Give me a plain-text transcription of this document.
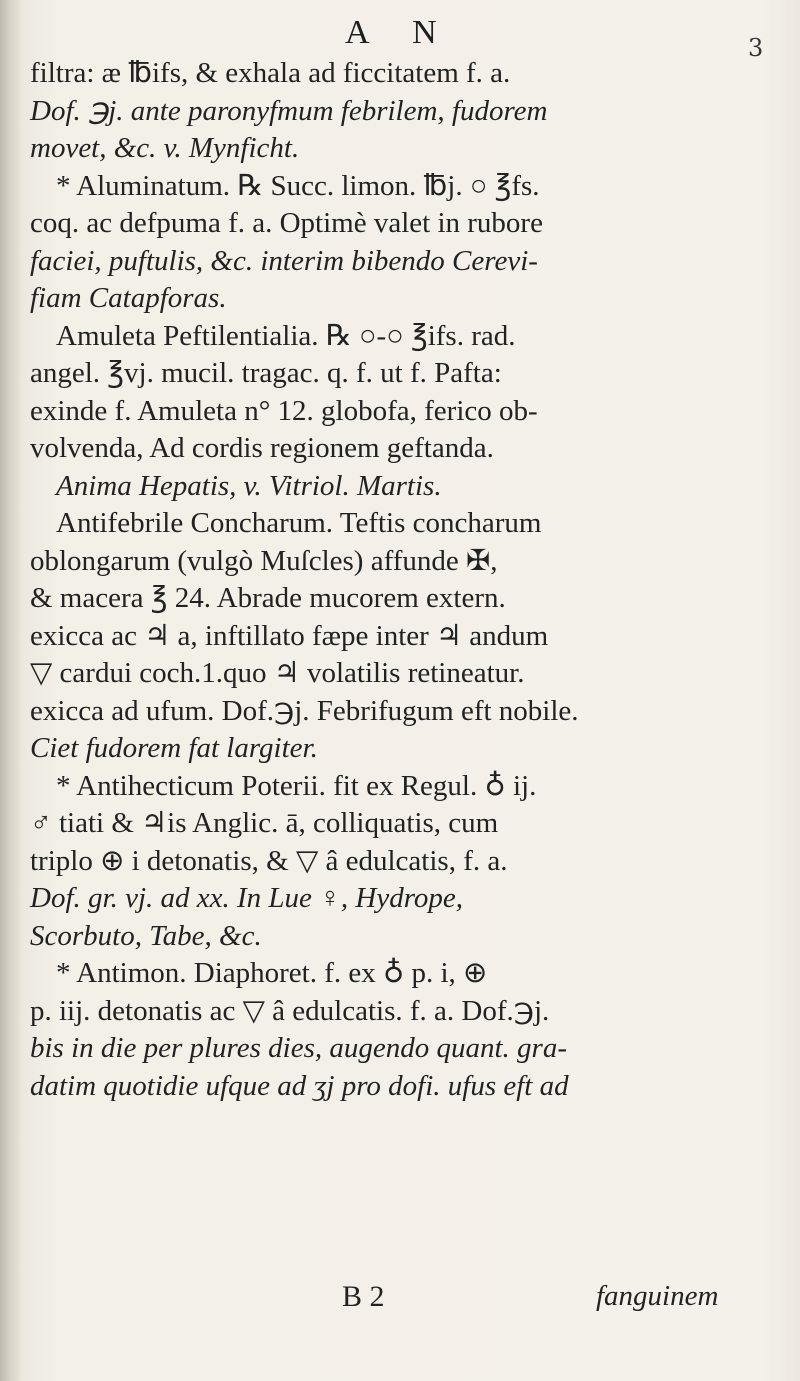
A N	3
filtra: æ ℔ifs, & exhala ad ficcitatem f. a.
Dof. ℈j. ante paronyfmum febrilem, fudorem
movet, &c. v. Mynficht.
* Aluminatum. ℞ Succ. limon. ℔j. ○ ℥fs.
coq. ac defpuma f. a. Optimè valet in rubore
faciei, puftulis, &c. interim bibendo Cerevi-
fiam Catapforas.
Amuleta Peftilentialia. ℞ ○-○ ℥ifs. rad.
angel. ℥vj. mucil. tragac. q. f. ut f. Pafta:
exinde f. Amuleta n° 12. globofa, ferico ob-
volvenda, Ad cordis regionem geftanda.
Anima Hepatis, v. Vitriol. Martis.
Antifebrile Concharum. Teftis concharum
oblongarum (vulgò Muſcles) affunde ✠,
& macera ℥ 24. Abrade mucorem extern.
exicca ac ♃ a, inftillato fæpe inter ♃ andum
▽ cardui coch.1.quo ♃ volatilis retineatur.
exicca ad ufum. Dof.℈j. Febrifugum eft nobile.
Ciet fudorem fat largiter.
* Antihecticum Poterii. fit ex Regul. ♁ ij.
♂ tiati & ♃is Anglic. ā, colliquatis, cum
triplo ⊕ i detonatis, & ▽ â edulcatis, f. a.
Dof. gr. vj. ad xx. In Lue ♀, Hydrope,
Scorbuto, Tabe, &c.
* Antimon. Diaphoret. f. ex ♁ p. i, ⊕
p. iij. detonatis ac ▽ â edulcatis. f. a. Dof.℈j.
bis in die per plures dies, augendo quant. gra-
datim quotidie ufque ad ʒj pro dofi. ufus eft ad
B 2	fanguinem
